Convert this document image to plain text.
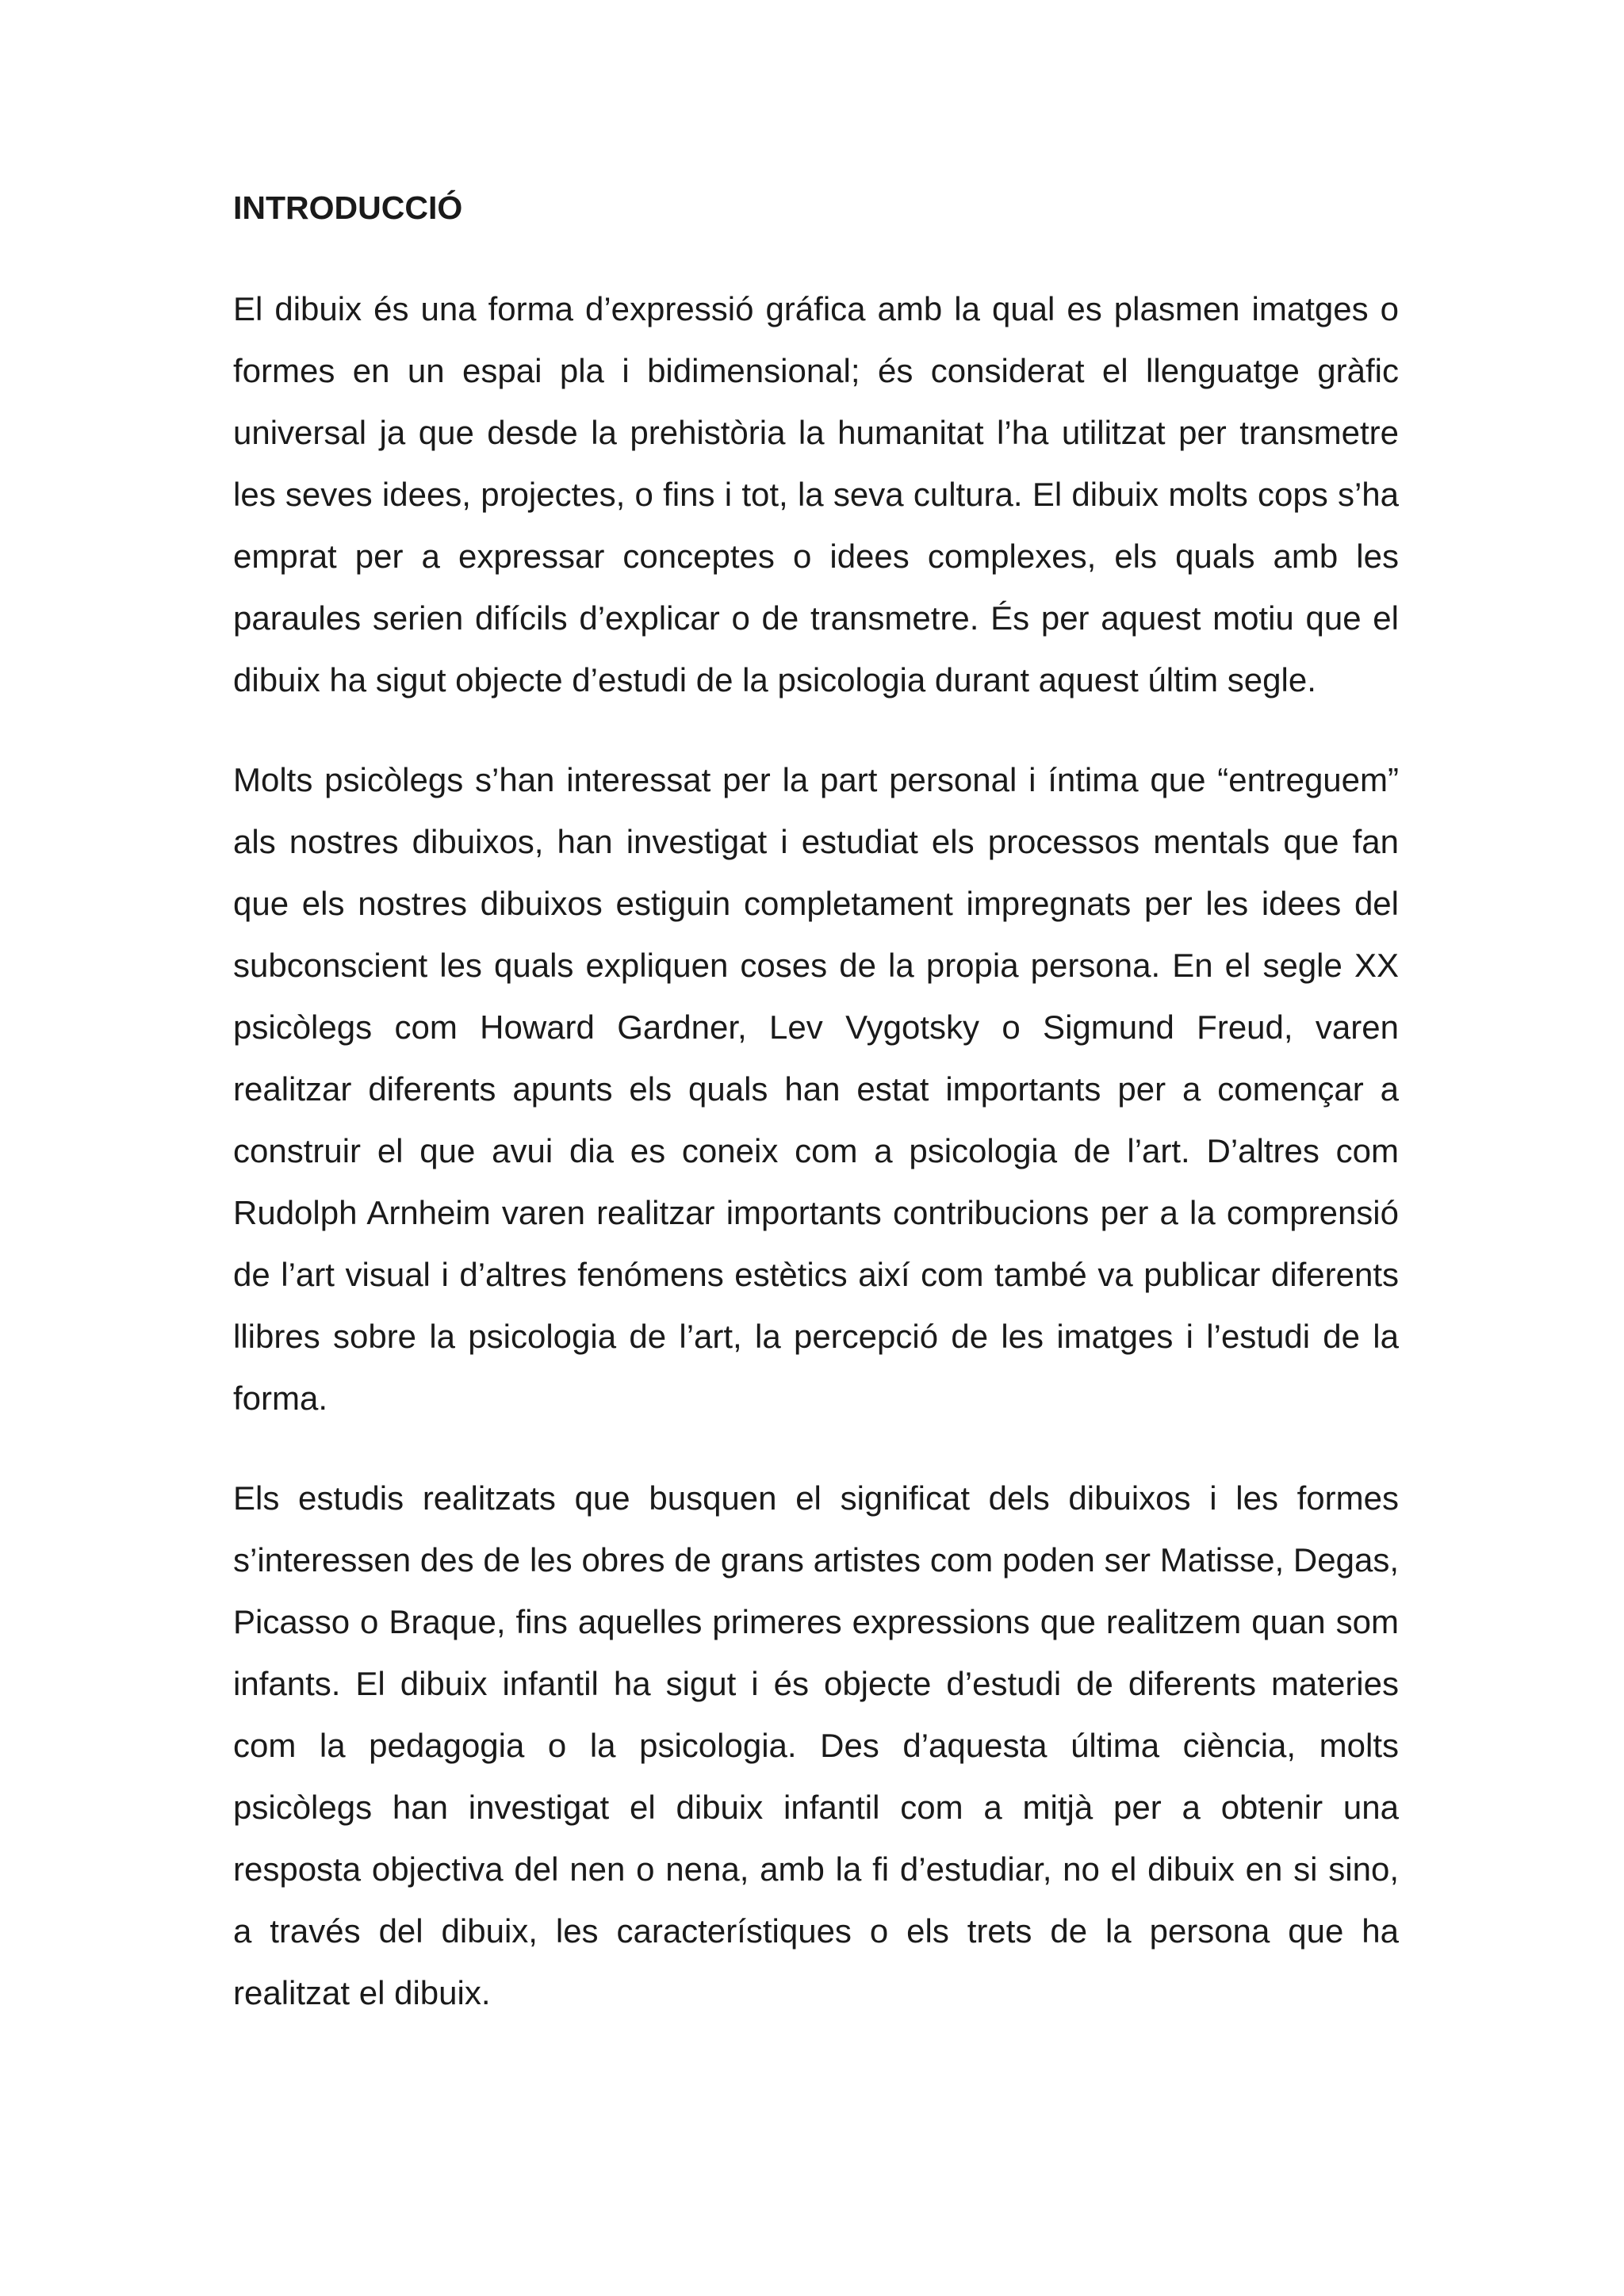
INTRODUCCIÓ

El dibuix és una forma d’expressió gráfica amb la qual es plasmen imatges o formes en un espai pla i bidimensional; és considerat el llenguatge gràfic universal ja que desde la prehistòria la humanitat l’ha utilitzat per transmetre les seves idees, projectes, o fins i tot, la seva cultura. El dibuix molts cops s’ha emprat per a expressar conceptes o idees complexes, els quals amb les paraules serien difícils d’explicar o de transmetre. És per aquest motiu que el dibuix ha sigut objecte d’estudi de la psicologia durant aquest últim segle.

Molts psicòlegs s’han interessat per la part personal i íntima que “entreguem” als nostres dibuixos, han investigat i estudiat els processos mentals que fan que els nostres dibuixos estiguin completament impregnats per les idees del subconscient les quals expliquen coses de la propia persona. En el segle XX psicòlegs com Howard Gardner, Lev Vygotsky o Sigmund Freud, varen realitzar diferents apunts els quals han estat importants per a començar a construir el que avui dia es coneix com a psicologia de l’art. D’altres com Rudolph Arnheim varen realitzar importants contribucions per a la comprensió de l’art visual i d’altres fenómens estètics així com també va publicar diferents llibres sobre la psicologia de l’art, la percepció de les imatges i l’estudi de la forma.

Els estudis realitzats que busquen el significat dels dibuixos i les formes s’interessen des de les obres de grans artistes com poden ser Matisse, Degas, Picasso o Braque, fins aquelles primeres expressions que realitzem quan som infants. El dibuix infantil ha sigut i és objecte d’estudi de diferents materies com la pedagogia o la psicologia. Des d’aquesta última ciència, molts psicòlegs han investigat el dibuix infantil com a mitjà per a obtenir una resposta objectiva del nen o nena, amb la fi d’estudiar, no el dibuix en si sino, a través del dibuix, les característiques o els trets de la persona que ha realitzat el dibuix.
